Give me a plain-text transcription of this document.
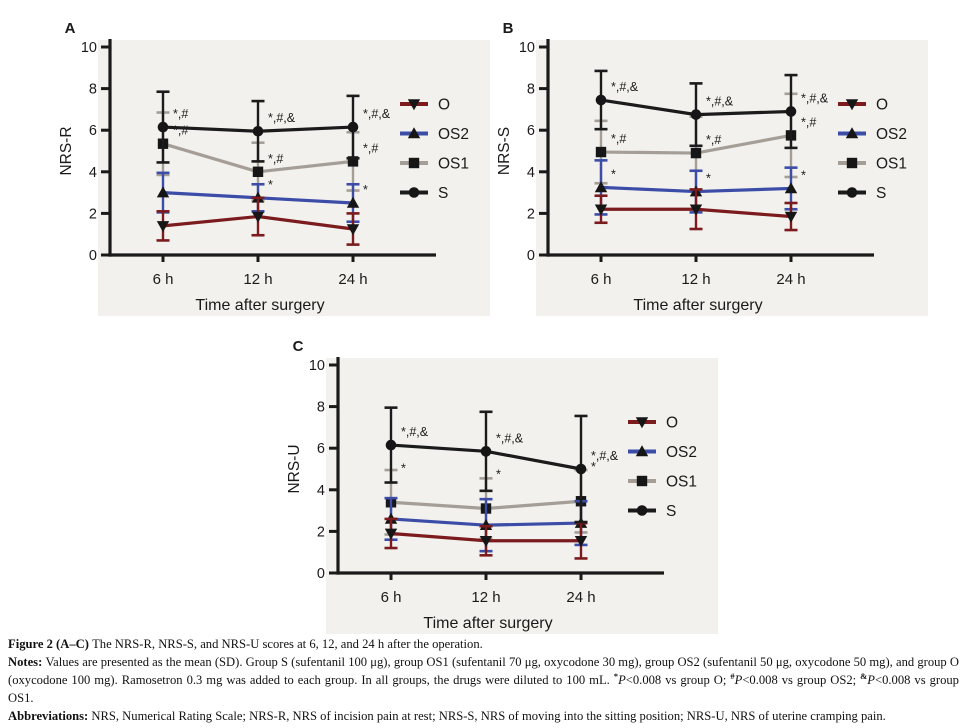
A
0
2
4
6
8
10
6 h	12 h	24 h
Time after surgery
NRS-R	*,#
*,#
*,#
*	*
*,#	*,#,&	*,#,&
O
OS2
OS1
S
B
0
2
4
6
8
10
6 h	12 h	24 h
Time after surgery
NRS-S	*,#	*,#
*,#
*	*	*
*,#,&
*,#,&	*,#,&	O
OS2
OS1
S
C
0
2
4
6
8
10
6 h	12 h	24 h
Time after surgery
NRS-U	*	*
*
*,#,&	*,#,&
*,#,&
O
OS2
OS1
S

Figure 2 (A–C) The NRS-R, NRS-S, and NRS-U scores at 6, 12, and 24 h after the operation.

Notes: Values are presented as the mean (SD). Group S (sufentanil 100 μg), group OS1 (sufentanil 70 μg, oxycodone 30 mg), group OS2 (sufentanil 50 μg, oxycodone 50 mg), and group O (oxycodone 100 mg). Ramosetron 0.3 mg was added to each group. In all groups, the drugs were diluted to 100 mL. *P<0.008 vs group O; #P<0.008 vs group OS2; &P<0.008 vs group OS1.

Abbreviations: NRS, Numerical Rating Scale; NRS-R, NRS of incision pain at rest; NRS-S, NRS of moving into the sitting position; NRS-U, NRS of uterine cramping pain.
